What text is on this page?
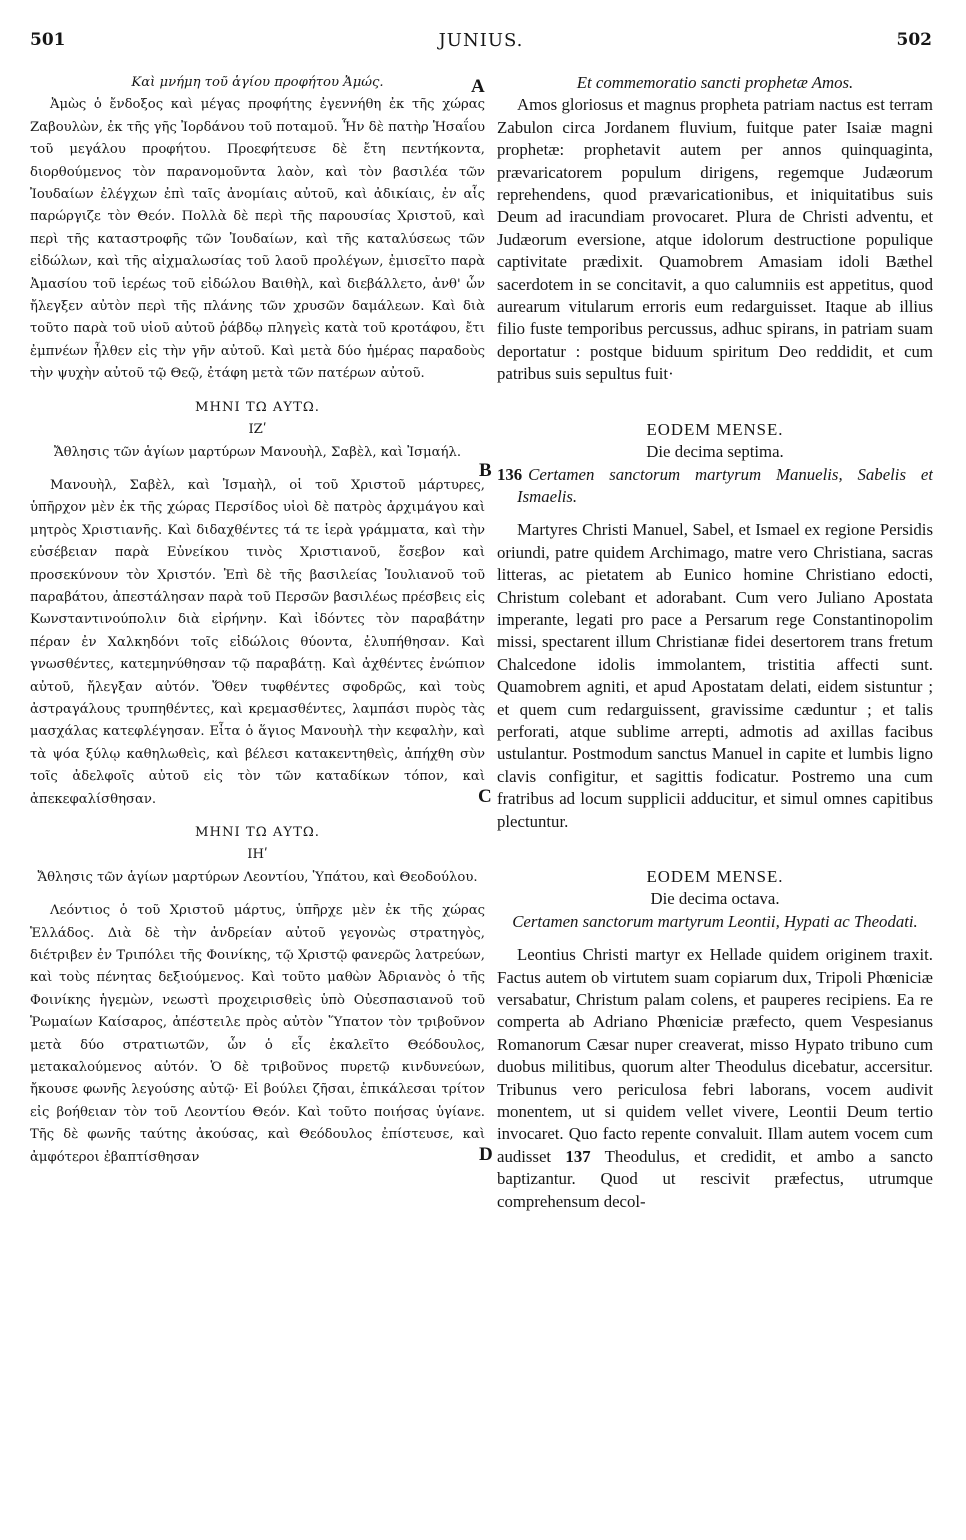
501	JUNIUS.	502
A
B
C
D

Καὶ μνήμη τοῦ ἁγίου προφήτου Ἀμώς.

Ἀμὼς ὁ ἔνδοξος καὶ μέγας προφήτης ἐγεννήθη ἐκ τῆς χώρας Ζαβουλὼν, ἐκ τῆς γῆς Ἰορδάνου τοῦ ποταμοῦ. Ἦν δὲ πατὴρ Ἡσαΐου τοῦ μεγάλου προφήτου. Προεφήτευσε δὲ ἔτη πεντήκοντα, διορθούμενος τὸν παρανομοῦντα λαὸν, καὶ τὸν βασιλέα τῶν Ἰουδαίων ἐλέγχων ἐπὶ ταῖς ἀνομίαις αὐτοῦ, καὶ ἀδικίαις, ἐν αἷς παρώργιζε τὸν Θεόν. Πολλὰ δὲ περὶ τῆς παρουσίας Χριστοῦ, καὶ περὶ τῆς καταστροφῆς τῶν Ἰουδαίων, καὶ τῆς καταλύσεως τῶν εἰδώλων, καὶ τῆς αἰχμαλωσίας τοῦ λαοῦ προλέγων, ἐμισεῖτο παρὰ Ἀμασίου τοῦ ἱερέως τοῦ εἰδώλου Βαιθὴλ, καὶ διεβάλλετο, ἀνθ' ὧν ἤλεγξεν αὐτὸν περὶ τῆς πλάνης τῶν χρυσῶν δαμάλεων. Καὶ διὰ τοῦτο παρὰ τοῦ υἱοῦ αὐτοῦ ῥάβδῳ πληγεὶς κατὰ τοῦ κροτάφου, ἔτι ἐμπνέων ἦλθεν εἰς τὴν γῆν αὐτοῦ. Καὶ μετὰ δύο ἡμέρας παραδοὺς τὴν ψυχὴν αὐτοῦ τῷ Θεῷ, ἐτάφη μετὰ τῶν πατέρων αὐτοῦ.

ΜΗΝΙ ΤΩ ΑΥΤΩ.

ΙΖʹ

Ἄθλησις τῶν ἁγίων μαρτύρων Μανουὴλ, Σαβὲλ, καὶ Ἰσμαήλ.

Μανουὴλ, Σαβὲλ, καὶ Ἰσμαὴλ, οἱ τοῦ Χριστοῦ μάρτυρες, ὑπῆρχον μὲν ἐκ τῆς χώρας Περσίδος υἱοὶ δὲ πατρὸς ἀρχιμάγου καὶ μητρὸς Χριστιανῆς. Καὶ διδαχθέντες τά τε ἱερὰ γράμματα, καὶ τὴν εὐσέβειαν παρὰ Εὐνείκου τινὸς Χριστιανοῦ, ἔσεβον καὶ προσεκύνουν τὸν Χριστόν. Ἐπὶ δὲ τῆς βασιλείας Ἰουλιανοῦ τοῦ παραβάτου, ἀπεστάλησαν παρὰ τοῦ Περσῶν βασιλέως πρέσβεις εἰς Κωνσταντινούπολιν διὰ εἰρήνην. Καὶ ἰδόντες τὸν παραβάτην πέραν ἐν Χαλκηδόνι τοῖς εἰδώλοις θύοντα, ἐλυπήθησαν. Καὶ γνωσθέντες, κατεμηνύθησαν τῷ παραβάτῃ. Καὶ ἀχθέντες ἐνώπιον αὐτοῦ, ἤλεγξαν αὐτόν. Ὅθεν τυφθέντες σφοδρῶς, καὶ τοὺς ἀστραγάλους τρυπηθέντες, καὶ κρεμασθέντες, λαμπάσι πυρὸς τὰς μασχάλας κατεφλέγησαν. Εἶτα ὁ ἅγιος Μανουὴλ τὴν κεφαλὴν, καὶ τὰ ψόα ξύλῳ καθηλωθεὶς, καὶ βέλεσι κατακεντηθεὶς, ἀπήχθη σὺν τοῖς ἀδελφοῖς αὐτοῦ εἰς τὸν τῶν καταδίκων τόπον, καὶ ἀπεκεφαλίσθησαν.

ΜΗΝΙ ΤΩ ΑΥΤΩ.

ΙΗʹ

Ἄθλησις τῶν ἁγίων μαρτύρων Λεοντίου, Ὑπάτου, καὶ Θεοδούλου.

Λεόντιος ὁ τοῦ Χριστοῦ μάρτυς, ὑπῆρχε μὲν ἐκ τῆς χώρας Ἑλλάδος. Διὰ δὲ τὴν ἀνδρείαν αὐτοῦ γεγονὼς στρατηγὸς, διέτριβεν ἐν Τριπόλει τῆς Φοινίκης, τῷ Χριστῷ φανερῶς λατρεύων, καὶ τοὺς πένητας δεξιούμενος. Καὶ τοῦτο μαθὼν Ἀδριανὸς ὁ τῆς Φοινίκης ἡγεμὼν, νεωστὶ προχειρισθεὶς ὑπὸ Οὐεσπασιανοῦ τοῦ Ῥωμαίων Καίσαρος, ἀπέστειλε πρὸς αὐτὸν Ὕπατον τὸν τριβοῦνον μετὰ δύο στρατιωτῶν, ὧν ὁ εἷς ἐκαλεῖτο Θεόδουλος, μετακαλούμενος αὐτόν. Ὁ δὲ τριβοῦνος πυρετῷ κινδυνεύων, ἤκουσε φωνῆς λεγούσης αὐτῷ· Εἰ βούλει ζῆσαι, ἐπικάλεσαι τρίτον εἰς βοήθειαν τὸν τοῦ Λεοντίου Θεόν. Καὶ τοῦτο ποιήσας ὑγίανε. Τῆς δὲ φωνῆς ταύτης ἀκούσας, καὶ Θεόδουλος ἐπίστευσε, καὶ ἀμφότεροι ἐβαπτίσθησαν

Et commemoratio sancti prophetæ Amos.

Amos gloriosus et magnus propheta patriam nactus est terram Zabulon circa Jordanem fluvium, fuitque pater Isaiæ magni prophetæ: prophetavit autem per annos quinquaginta, prævaricatorem populum dirigens, regemque Judæorum reprehendens, quod prævaricationibus, et iniquitatibus suis Deum ad iracundiam provocaret. Plura de Christi adventu, et Judæorum eversione, atque idolorum destructione populique captivitate prædixit. Quamobrem Amasiam idoli Bæthel sacerdotem in se concitavit, a quo calumniis est appetitus, quod aurearum vitularum erroris eum redarguisset. Itaque ab illius filio fuste temporibus percussus, adhuc spirans, in patriam suam deportatur : postque biduum spiritum Deo reddidit, et cum patribus suis sepultus fuit·

EODEM MENSE.

Die decima septima.

136 Certamen sanctorum martyrum Manuelis, Sabelis et Ismaelis.

Martyres Christi Manuel, Sabel, et Ismael ex regione Persidis oriundi, patre quidem Archimago, matre vero Christiana, sacras litteras, ac pietatem ab Eunico homine Christiano edocti, Christum colebant et adorabant. Cum vero Juliano Apostata imperante, legati pro pace a Persarum rege Constantinopolim missi, spectarent illum Christianæ fidei desertorem trans fretum Chalcedone idolis immolantem, tristitia affecti sunt. Quamobrem agniti, et apud Apostatam delati, eidem sistuntur ; et quem cum redarguissent, gravissime cæduntur ; et talis perforati, atque sublime arrepti, admotis ad axillas facibus ustulantur. Postmodum sanctus Manuel in capite et lumbis ligno clavis configitur, et sagittis fodicatur. Postremo una cum fratribus ad locum supplicii adducitur, et simul omnes capitibus plectuntur.

EODEM MENSE.

Die decima octava.

Certamen sanctorum martyrum Leontii, Hypati ac Theodati.

Leontius Christi martyr ex Hellade quidem originem traxit. Factus autem ob virtutem suam copiarum dux, Tripoli Phœniciæ versabatur, Christum palam colens, et pauperes recipiens. Ea re comperta ab Adriano Phœniciæ præfecto, quem Vespesianus Romanorum Cæsar nuper creaverat, misso Hypato tribuno cum duobus militibus, quorum alter Theodulus dicebatur, accersitur. Tribunus vero periculosa febri laborans, vocem audivit monentem, ut si quidem vellet vivere, Leontii Deum tertio invocaret. Quo facto repente convaluit. Illam autem vocem cum audisset 137 Theodulus, et credidit, et ambo a sancto baptizantur. Quod ut rescivit præfectus, utrumque comprehensum decol-
